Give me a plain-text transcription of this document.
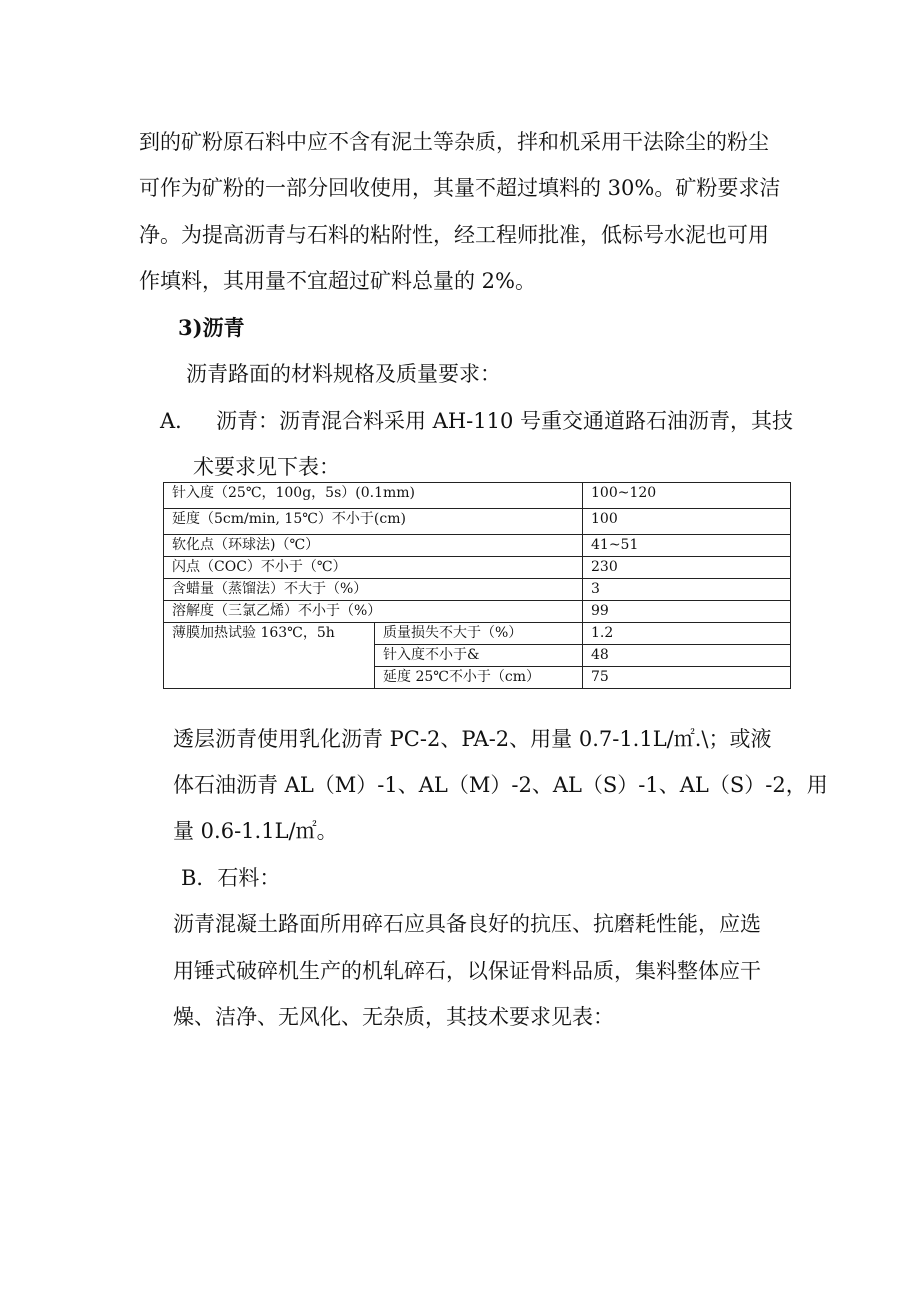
到的矿粉原石料中应不含有泥土等杂质，拌和机采用干法除尘的粉尘
可作为矿粉的一部分回收使用，其量不超过填料的 30%。矿粉要求洁
净。为提高沥青与石料的粘附性，经工程师批准，低标号水泥也可用
作填料，其用量不宜超过矿料总量的 2%。
3)沥青
沥青路面的材料规格及质量要求：
A． 沥青：沥青混合料采用 AH-110 号重交通道路石油沥青，其技
术要求见下表：
针入度（25℃，100g，5s）(0.1mm)		100~120
延度（5cm/min, 15℃）不小于(cm)		100
软化点（环球法)（℃）		41~51
闪点（COC）不小于（℃）		230
含蜡量（蒸馏法）不大于（%）		3
溶解度（三氯乙烯）不小于（%）		99
薄膜加热试验 163℃，5h	质量损失不大于（%）	1.2
	针入度不小于&	48
	延度 25℃不小于（cm）	75
透层沥青使用乳化沥青 PC-2、PA-2、用量 0.7-1.1L/㎡.\；或液
体石油沥青 AL（M）-1、AL（M）-2、AL（S）-1、AL（S）-2，用
量 0.6-1.1L/㎡。
B．石料：
沥青混凝土路面所用碎石应具备良好的抗压、抗磨耗性能，应选
用锤式破碎机生产的机轧碎石，以保证骨料品质，集料整体应干
燥、洁净、无风化、无杂质，其技术要求见表：
